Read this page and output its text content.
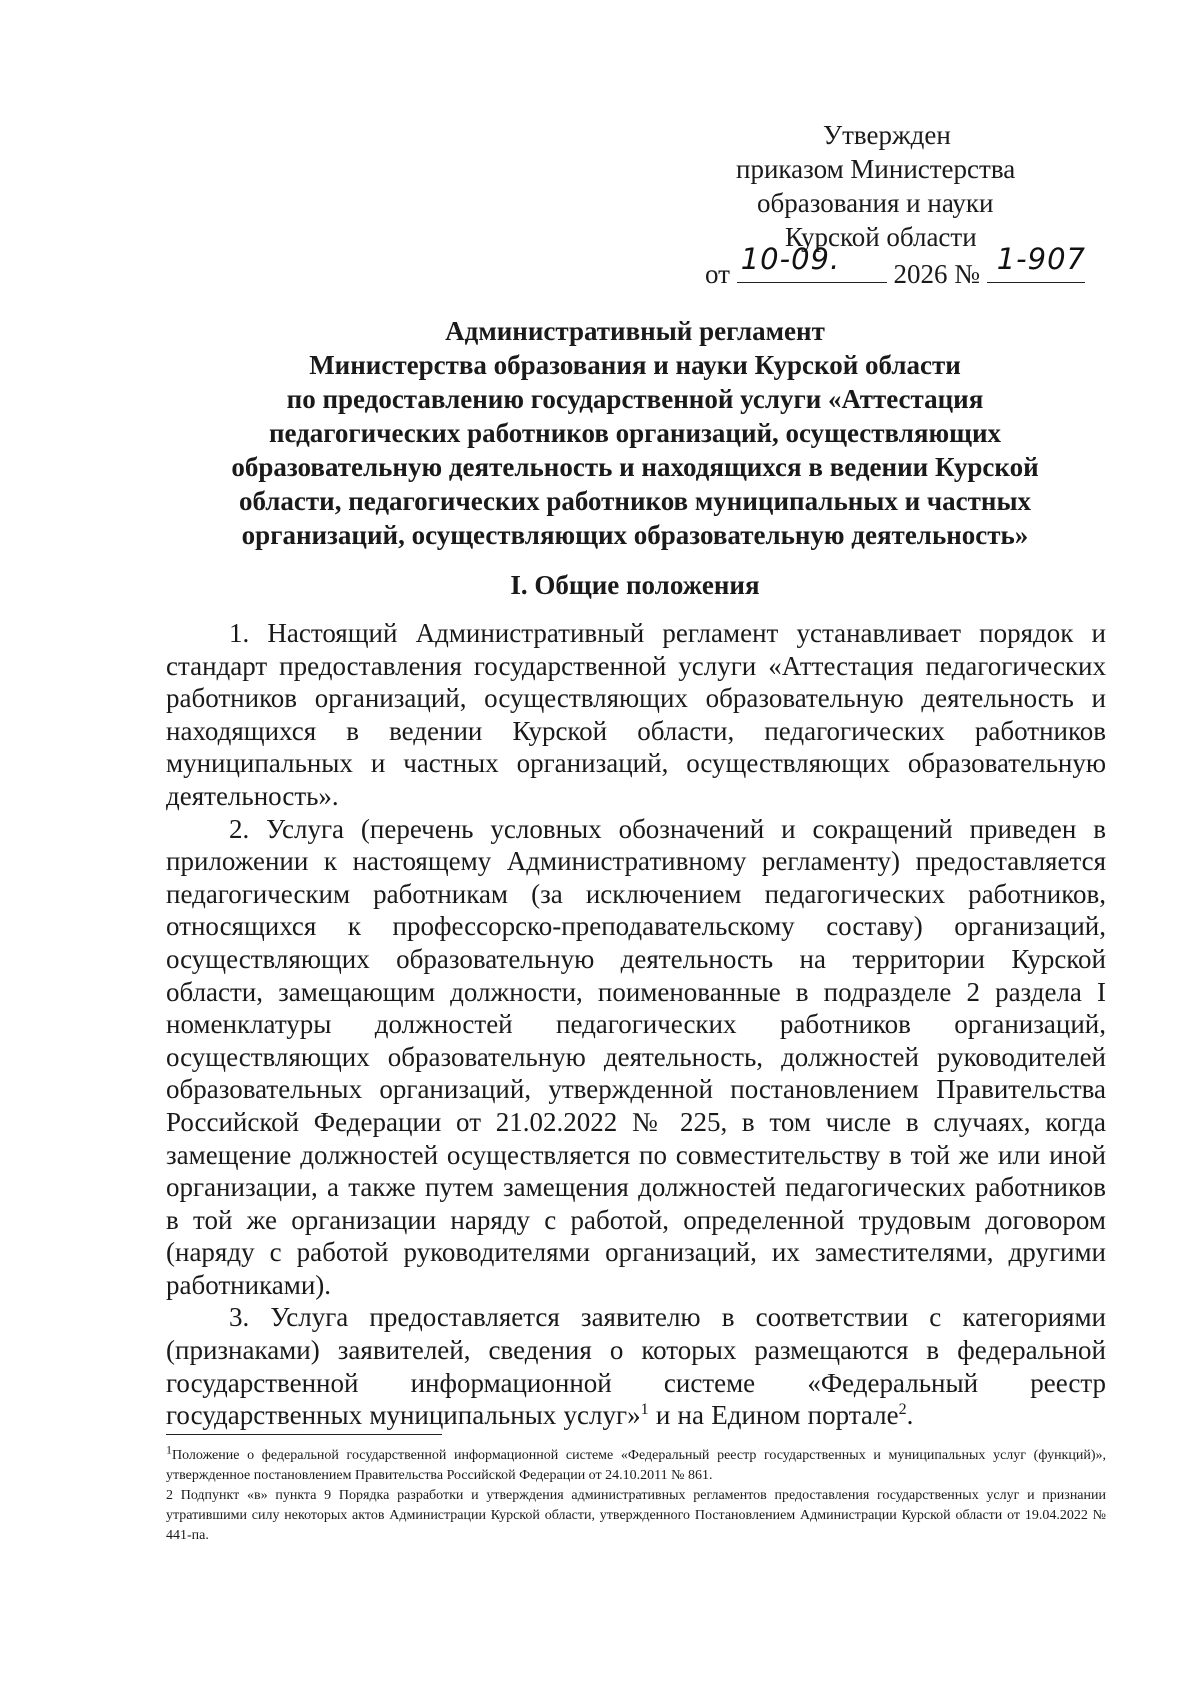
Утвержден
приказом Министерства
образования и науки
Курской области
от 10-09. 2026 № 1-907
Административный регламент
Министерства образования и науки Курской области
по предоставлению государственной услуги «Аттестация
педагогических работников организаций, осуществляющих
образовательную деятельность и находящихся в ведении Курской
области, педагогических работников муниципальных и частных
организаций, осуществляющих образовательную деятельность»
I. Общие положения

1. Настоящий Административный регламент устанавливает порядок и стандарт предоставления государственной услуги «Аттестация педагогических работников организаций, осуществляющих образовательную деятельность и находящихся в ведении Курской области, педагогических работников муниципальных и частных организаций, осуществляющих образовательную деятельность».

2. Услуга (перечень условных обозначений и сокращений приведен в приложении к настоящему Административному регламенту) предоставляется педагогическим работникам (за исключением педагогических работников, относящихся к профессорско-преподавательскому составу) организаций, осуществляющих образовательную деятельность на территории Курской области, замещающим должности, поименованные в подразделе 2 раздела I номенклатуры должностей педагогических работников организаций, осуществляющих образовательную деятельность, должностей руководителей образовательных организаций, утвержденной постановлением Правительства Российской Федерации от 21.02.2022 № 225, в том числе в случаях, когда замещение должностей осуществляется по совместительству в той же или иной организации, а также путем замещения должностей педагогических работников в той же организации наряду с работой, определенной трудовым договором (наряду с работой руководителями организаций, их заместителями, другими работниками).

3. Услуга предоставляется заявителю в соответствии с категориями (признаками) заявителей, сведения о которых размещаются в федеральной государственной информационной системе «Федеральный реестр государственных муниципальных услуг»$^1$ и на Едином портале$^2$.

$^1$Положение о федеральной государственной информационной системе «Федеральный реестр государственных и муниципальных услуг (функций)», утвержденное постановлением Правительства Российской Федерации от 24.10.2011 № 861.

2 Подпункт «в» пункта 9 Порядка разработки и утверждения административных регламентов предоставления государственных услуг и признании утратившими силу некоторых актов Администрации Курской области, утвержденного Постановлением Администрации Курской области от 19.04.2022 № 441-па.
